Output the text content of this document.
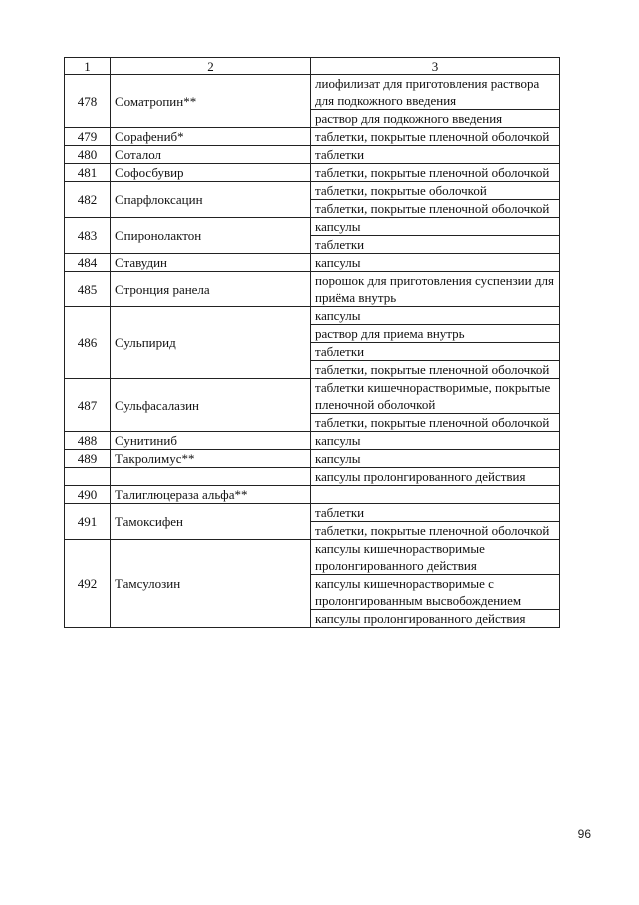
1	2	3
478	Соматропин**	лиофилизат для приготовления раствора для подкожного введения
		раствор для подкожного введения
479	Сорафениб*	таблетки, покрытые пленочной оболочкой
480	Соталол	таблетки
481	Софосбувир	таблетки, покрытые пленочной оболочкой
482	Спарфлоксацин	таблетки, покрытые оболочкой
		таблетки, покрытые пленочной оболочкой
483	Спиронолактон	капсулы
		таблетки
484	Ставудин	капсулы
485	Стронция ранела	порошок для приготовления суспензии для приёма внутрь
486	Сульпирид	капсулы
		раствор для приема внутрь
		таблетки
		таблетки, покрытые пленочной оболочкой
487	Сульфасалазин	таблетки кишечнорастворимые, покрытые пленочной оболочкой
		таблетки, покрытые пленочной оболочкой
488	Сунитиниб	капсулы
489	Такролимус**	капсулы
		капсулы пролонгированного действия
490	Талиглюцераза альфа**	
491	Тамоксифен	таблетки
		таблетки, покрытые пленочной оболочкой
492	Тамсулозин	капсулы кишечнорастворимые пролонгированного действия
		капсулы кишечнорастворимые с пролонгированным высвобождением
		капсулы пролонгированного действия
96
